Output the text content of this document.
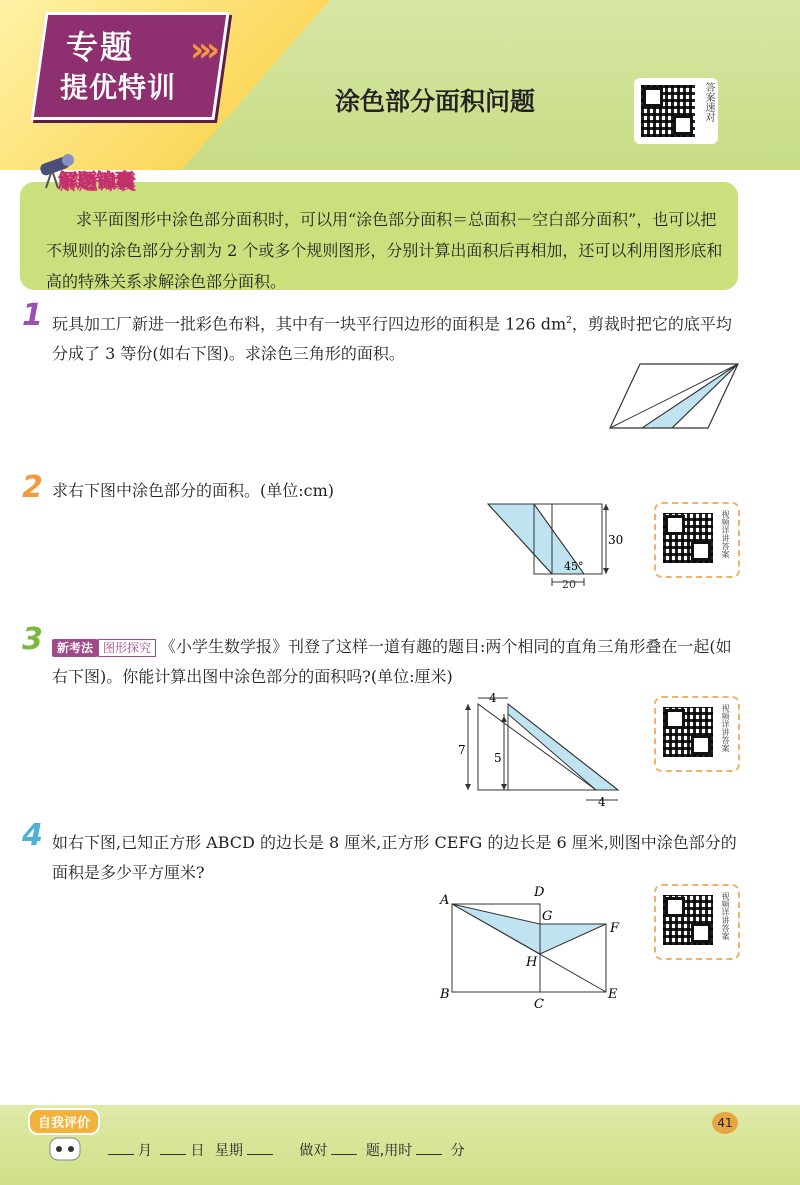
专题
提优特训
›››
涂色部分面积问题	答案速对
解题锦囊
求平面图形中涂色部分面积时，可以用“涂色部分面积＝总面积－空白部分面积”，也可以把不规则的涂色部分分割为 2 个或多个规则图形，分别计算出面积后再相加，还可以利用图形底和高的特殊关系求解涂色部分面积。
1 玩具加工厂新进一批彩色布料，其中有一块平行四边形的面积是 126 $dm^2$，剪裁时把它的底平均分成了 3 等份(如右下图)。求涂色三角形的面积。
2 求右下图中涂色部分的面积。(单位:cm)
30
45°
20
视频详讲答案
3	新考法 图形探究 《小学生数学报》刊登了这样一道有趣的题目:两个相同的直角三角形叠在一起(如右下图)。你能计算出图中涂色部分的面积吗?(单位:厘米)
7
5
4
4
视频详讲答案
4 如右下图,已知正方形 ABCD 的边长是 8 厘米,正方形 CEFG 的边长是 6 厘米,则图中涂色部分的面积是多少平方厘米?
A
B
C
D
E
F
G
H
视频详讲答案
自我评价
月	日 星期	做对	题,用时	分
41
